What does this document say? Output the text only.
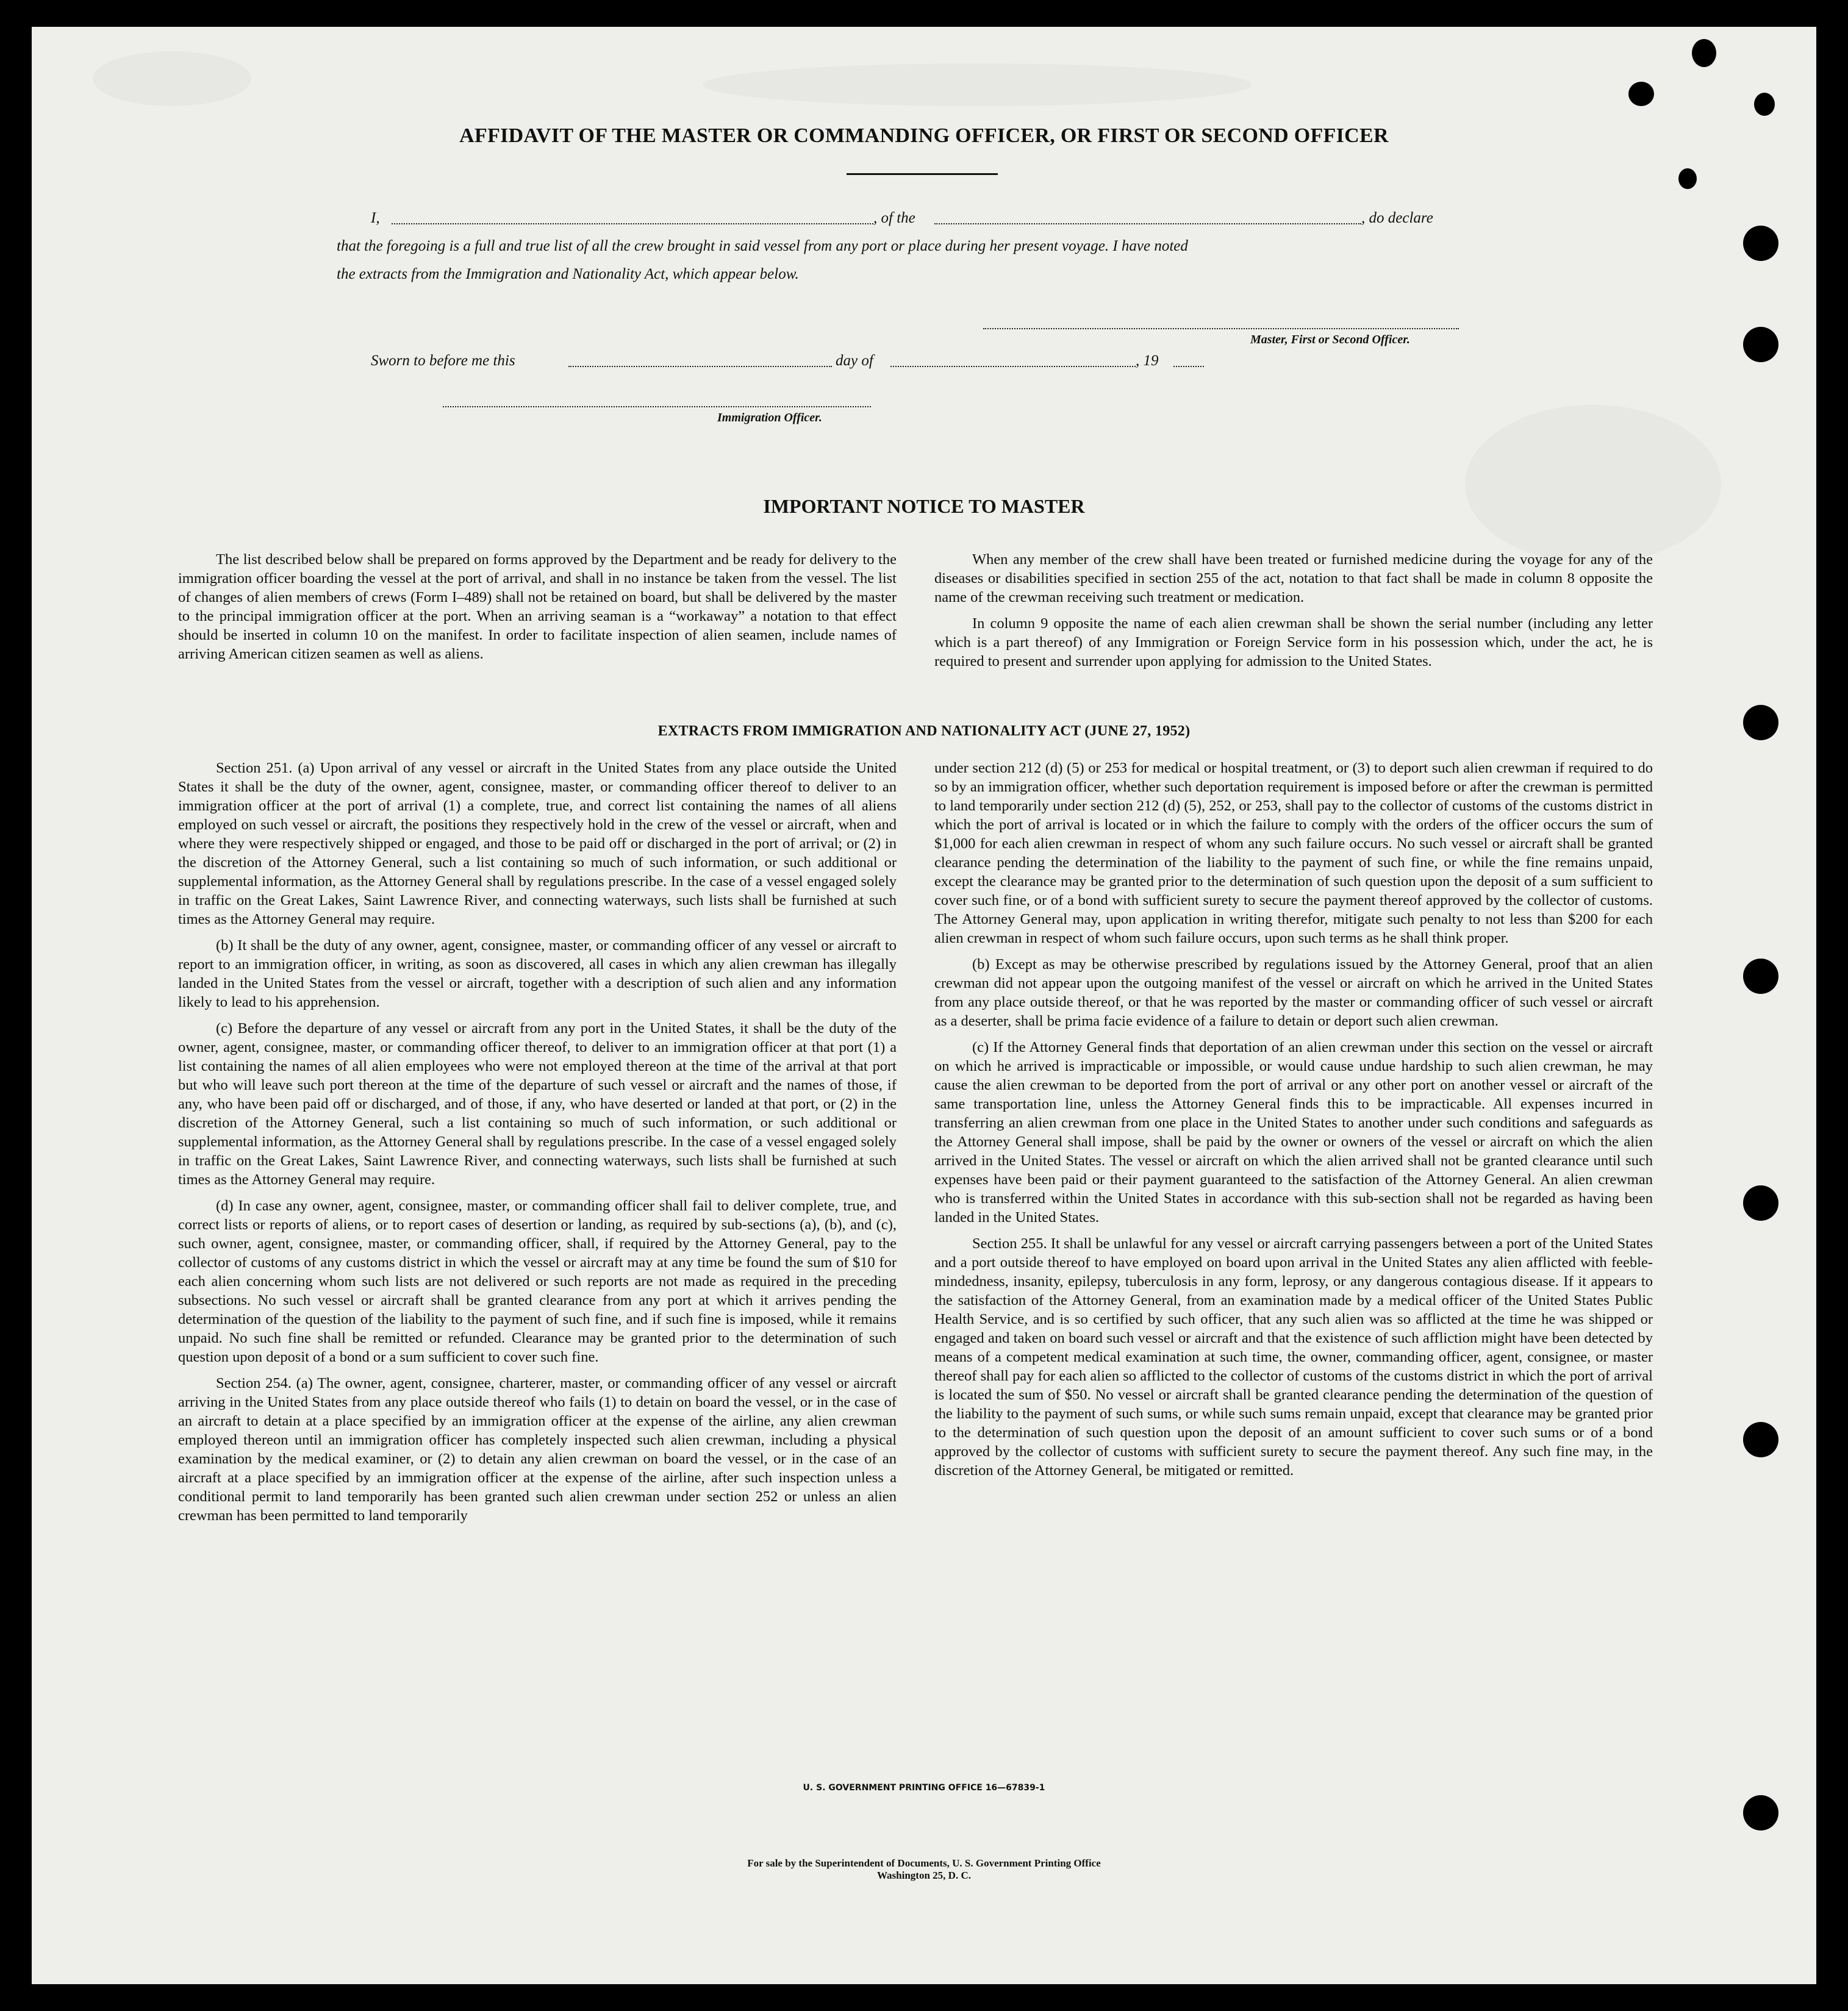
AFFIDAVIT OF THE MASTER OR COMMANDING OFFICER, OR FIRST OR SECOND OFFICER
I,	, of the	, do declare
that the foregoing is a full and true list of all the crew brought in said vessel from any port or place during her present voyage. I have noted
the extracts from the Immigration and Nationality Act, which appear below.
Master, First or Second Officer.
Sworn to before me this	day of	, 19
Immigration Officer.
IMPORTANT NOTICE TO MASTER

The list described below shall be prepared on forms approved by the Department and be ready for delivery to the immigration officer boarding the vessel at the port of arrival, and shall in no instance be taken from the vessel. The list of changes of alien members of crews (Form I–489) shall not be retained on board, but shall be delivered by the master to the principal immigration officer at the port. When an arriving seaman is a “workaway” a notation to that effect should be inserted in column 10 on the manifest. In order to facilitate inspection of alien seamen, include names of arriving American citizen seamen as well as aliens.

When any member of the crew shall have been treated or furnished medicine during the voyage for any of the diseases or disabilities specified in section 255 of the act, notation to that fact shall be made in column 8 opposite the name of the crewman receiving such treatment or medication.

In column 9 opposite the name of each alien crewman shall be shown the serial number (including any letter which is a part thereof) of any Immigration or Foreign Service form in his possession which, under the act, he is required to present and surrender upon applying for admission to the United States.

EXTRACTS FROM IMMIGRATION AND NATIONALITY ACT (JUNE 27, 1952)

Section 251. (a) Upon arrival of any vessel or aircraft in the United States from any place outside the United States it shall be the duty of the owner, agent, consignee, master, or commanding officer thereof to deliver to an immigration officer at the port of arrival (1) a complete, true, and correct list containing the names of all aliens employed on such vessel or aircraft, the positions they respectively hold in the crew of the vessel or aircraft, when and where they were respectively shipped or engaged, and those to be paid off or discharged in the port of arrival; or (2) in the discretion of the Attorney General, such a list containing so much of such information, or such additional or supplemental information, as the Attorney General shall by regulations prescribe. In the case of a vessel engaged solely in traffic on the Great Lakes, Saint Lawrence River, and connecting waterways, such lists shall be furnished at such times as the Attorney General may require.

(b) It shall be the duty of any owner, agent, consignee, master, or commanding officer of any vessel or aircraft to report to an immigration officer, in writing, as soon as discovered, all cases in which any alien crewman has illegally landed in the United States from the vessel or aircraft, together with a description of such alien and any information likely to lead to his apprehension.

(c) Before the departure of any vessel or aircraft from any port in the United States, it shall be the duty of the owner, agent, consignee, master, or commanding officer thereof, to deliver to an immigration officer at that port (1) a list containing the names of all alien employees who were not employed thereon at the time of the arrival at that port but who will leave such port thereon at the time of the departure of such vessel or aircraft and the names of those, if any, who have been paid off or discharged, and of those, if any, who have deserted or landed at that port, or (2) in the discretion of the Attorney General, such a list containing so much of such information, or such additional or supplemental information, as the Attorney General shall by regulations prescribe. In the case of a vessel engaged solely in traffic on the Great Lakes, Saint Lawrence River, and connecting waterways, such lists shall be furnished at such times as the Attorney General may require.

(d) In case any owner, agent, consignee, master, or commanding officer shall fail to deliver complete, true, and correct lists or reports of aliens, or to report cases of desertion or landing, as required by sub-sections (a), (b), and (c), such owner, agent, consignee, master, or commanding officer, shall, if required by the Attorney General, pay to the collector of customs of any customs district in which the vessel or aircraft may at any time be found the sum of $10 for each alien concerning whom such lists are not delivered or such reports are not made as required in the preceding subsections. No such vessel or aircraft shall be granted clearance from any port at which it arrives pending the determination of the question of the liability to the payment of such fine, and if such fine is imposed, while it remains unpaid. No such fine shall be remitted or refunded. Clearance may be granted prior to the determination of such question upon deposit of a bond or a sum sufficient to cover such fine.

Section 254. (a) The owner, agent, consignee, charterer, master, or commanding officer of any vessel or aircraft arriving in the United States from any place outside thereof who fails (1) to detain on board the vessel, or in the case of an aircraft to detain at a place specified by an immigration officer at the expense of the airline, any alien crewman employed thereon until an immigration officer has completely inspected such alien crewman, including a physical examination by the medical examiner, or (2) to detain any alien crewman on board the vessel, or in the case of an aircraft at a place specified by an immigration officer at the expense of the airline, after such inspection unless a conditional permit to land temporarily has been granted such alien crewman under section 252 or unless an alien crewman has been permitted to land temporarily

under section 212 (d) (5) or 253 for medical or hospital treatment, or (3) to deport such alien crewman if required to do so by an immigration officer, whether such deportation requirement is imposed before or after the crewman is permitted to land temporarily under section 212 (d) (5), 252, or 253, shall pay to the collector of customs of the customs district in which the port of arrival is located or in which the failure to comply with the orders of the officer occurs the sum of $1,000 for each alien crewman in respect of whom any such failure occurs. No such vessel or aircraft shall be granted clearance pending the determination of the liability to the payment of such fine, or while the fine remains unpaid, except the clearance may be granted prior to the determination of such question upon the deposit of a sum sufficient to cover such fine, or of a bond with sufficient surety to secure the payment thereof approved by the collector of customs. The Attorney General may, upon application in writing therefor, mitigate such penalty to not less than $200 for each alien crewman in respect of whom such failure occurs, upon such terms as he shall think proper.

(b) Except as may be otherwise prescribed by regulations issued by the Attorney General, proof that an alien crewman did not appear upon the outgoing manifest of the vessel or aircraft on which he arrived in the United States from any place outside thereof, or that he was reported by the master or commanding officer of such vessel or aircraft as a deserter, shall be prima facie evidence of a failure to detain or deport such alien crewman.

(c) If the Attorney General finds that deportation of an alien crewman under this section on the vessel or aircraft on which he arrived is impracticable or impossible, or would cause undue hardship to such alien crewman, he may cause the alien crewman to be deported from the port of arrival or any other port on another vessel or aircraft of the same transportation line, unless the Attorney General finds this to be impracticable. All expenses incurred in transferring an alien crewman from one place in the United States to another under such conditions and safeguards as the Attorney General shall impose, shall be paid by the owner or owners of the vessel or aircraft on which the alien arrived in the United States. The vessel or aircraft on which the alien arrived shall not be granted clearance until such expenses have been paid or their payment guaranteed to the satisfaction of the Attorney General. An alien crewman who is transferred within the United States in accordance with this sub-section shall not be regarded as having been landed in the United States.

Section 255. It shall be unlawful for any vessel or aircraft carrying passengers between a port of the United States and a port outside thereof to have employed on board upon arrival in the United States any alien afflicted with feeble-mindedness, insanity, epilepsy, tuberculosis in any form, leprosy, or any dangerous contagious disease. If it appears to the satisfaction of the Attorney General, from an examination made by a medical officer of the United States Public Health Service, and is so certified by such officer, that any such alien was so afflicted at the time he was shipped or engaged and taken on board such vessel or aircraft and that the existence of such affliction might have been detected by means of a competent medical examination at such time, the owner, commanding officer, agent, consignee, or master thereof shall pay for each alien so afflicted to the collector of customs of the customs district in which the port of arrival is located the sum of $50. No vessel or aircraft shall be granted clearance pending the determination of the question of the liability to the payment of such sums, or while such sums remain unpaid, except that clearance may be granted prior to the determination of such question upon the deposit of an amount sufficient to cover such sums or of a bond approved by the collector of customs with sufficient surety to secure the payment thereof. Any such fine may, in the discretion of the Attorney General, be mitigated or remitted.

U. S. GOVERNMENT PRINTING OFFICE 16—67839-1
For sale by the Superintendent of Documents, U. S. Government Printing Office
Washington 25, D. C.
